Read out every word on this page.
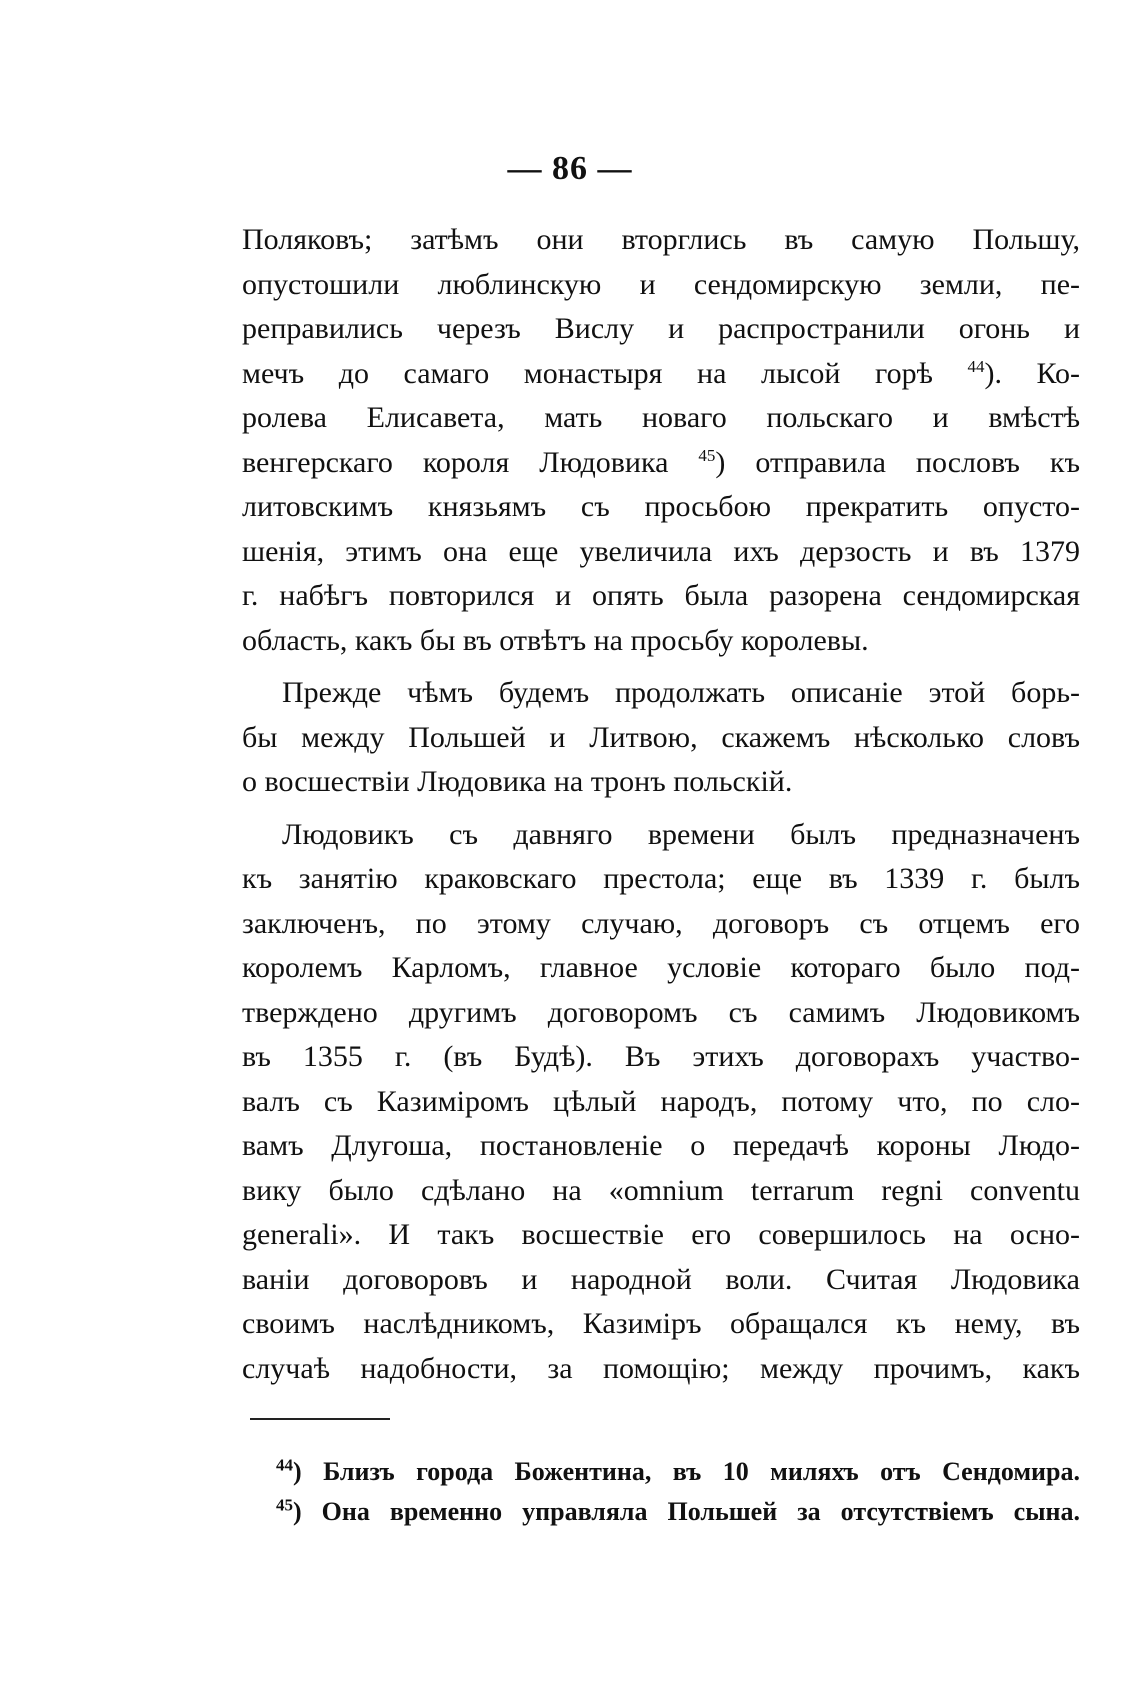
— 86 —
Поляковъ; затѣмъ они вторглись въ самую Польшу,
опустошили люблинскую и сендомирскую земли, пе-
реправились черезъ Вислу и распространили огонь и
мечъ до самаго монастыря на лысой горѣ $^{44}$). Ко-
ролева Елисавета, мать новаго польскаго и вмѣстѣ
венгерскаго короля Людовика $^{45}$) отправила пословъ къ
литовскимъ князьямъ съ просьбою прекратить опусто-
шенія, этимъ она еще увеличила ихъ дерзость и въ 1379
г. набѣгъ повторился и опять была разорена сендомирская
область, какъ бы въ отвѣтъ на просьбу королевы.
Прежде чѣмъ будемъ продолжать описаніе этой борь-
бы между Польшей и Литвою, скажемъ нѣсколько словъ
о восшествіи Людовика на тронъ польскій.
Людовикъ съ давняго времени былъ предназначенъ
къ занятію краковскаго престола; еще въ 1339 г. былъ
заключенъ, по этому случаю, договоръ съ отцемъ его
королемъ Карломъ, главное условіе котораго было под-
тверждено другимъ договоромъ съ самимъ Людовикомъ
въ 1355 г. (въ Будѣ). Въ этихъ договорахъ участво-
валъ съ Казиміромъ цѣлый народъ, потому что, по сло-
вамъ Длугоша, постановленіе о передачѣ короны Людо-
вику было сдѣлано на «omnium terrarum regni conventu
generali». И такъ восшествіе его совершилось на осно-
ваніи договоровъ и народной воли. Считая Людовика
своимъ наслѣдникомъ, Казиміръ обращался къ нему, въ
случаѣ надобности, за помощію; между прочимъ, какъ
$^{44}$) Близъ города Божентина, въ 10 миляхъ отъ Сендомира.
$^{45}$) Она временно управляла Польшей за отсутствіемъ сына.
